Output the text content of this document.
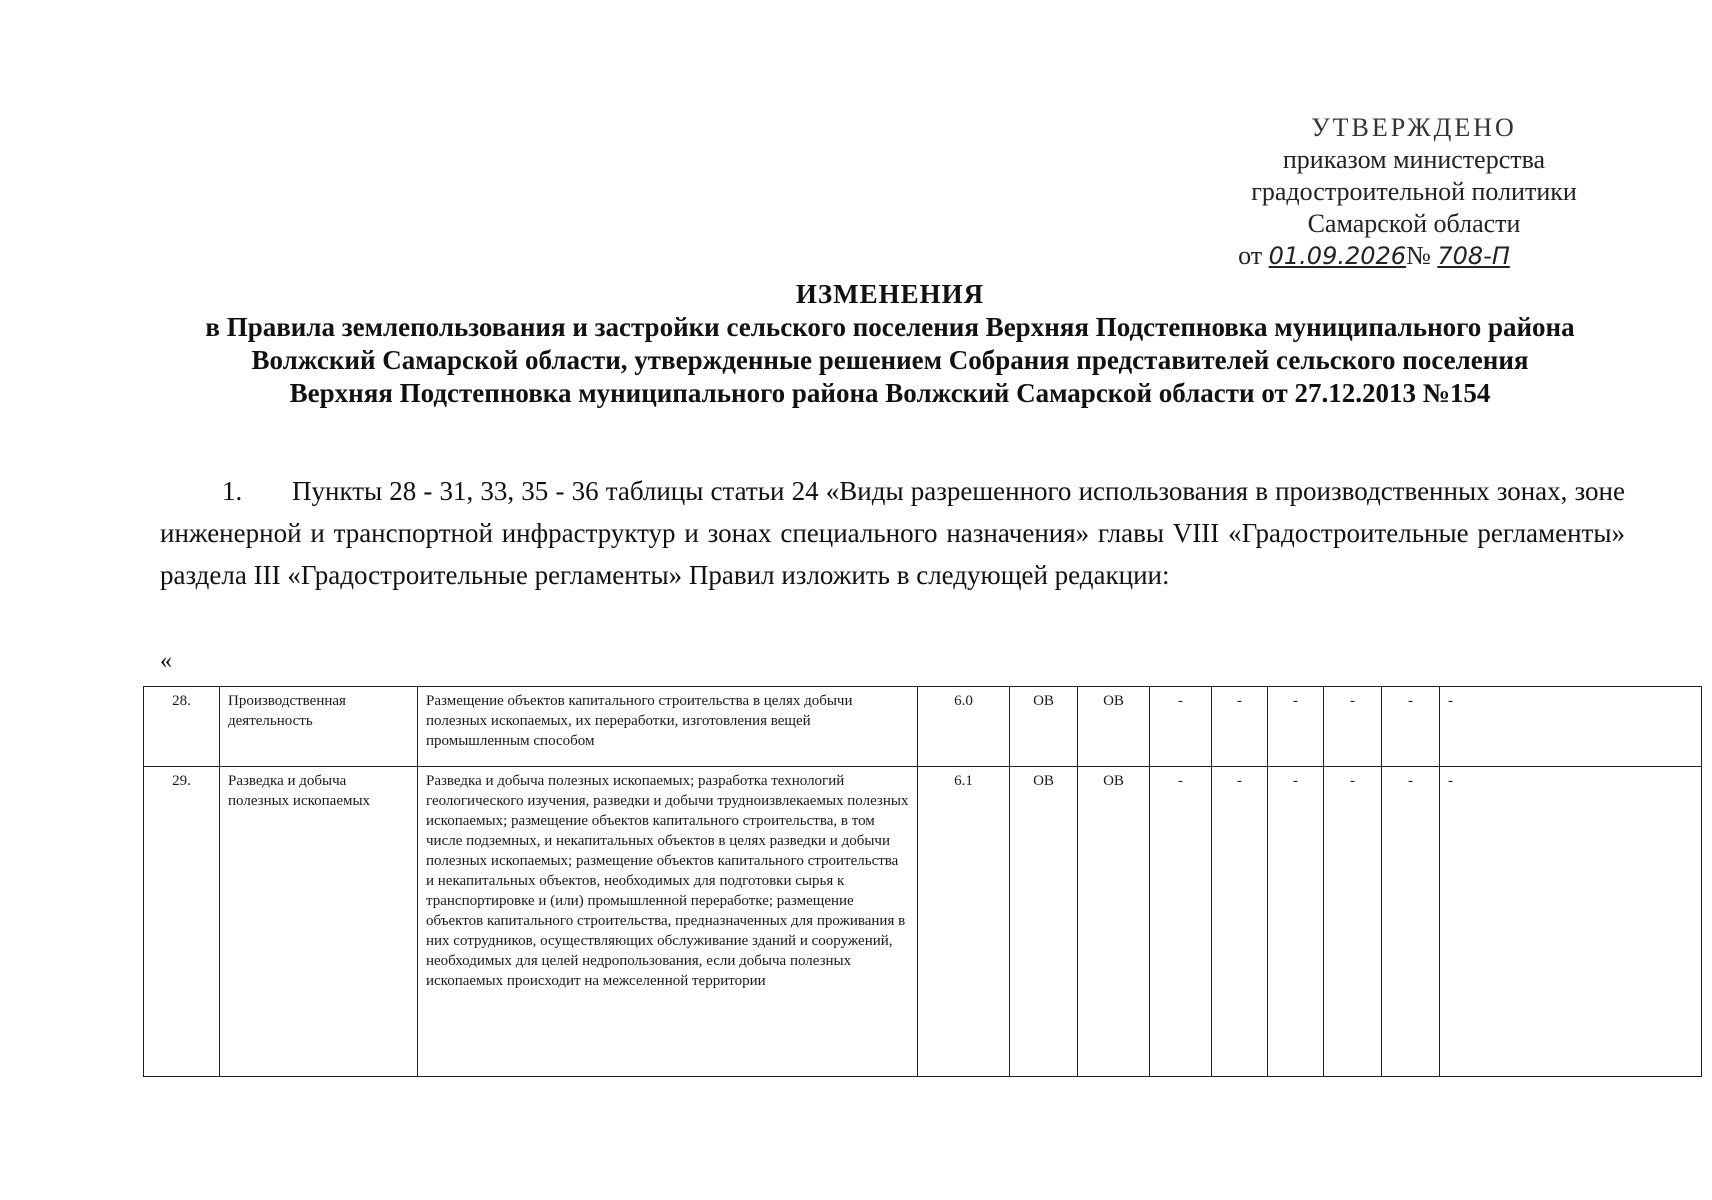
УТВЕРЖДЕНО
приказом министерства
градостроительной политики
Самарской области
от 01.09.2026№ 708-П
ИЗМЕНЕНИЯ
в Правила землепользования и застройки сельского поселения Верхняя Подстепновка муниципального района
Волжский Самарской области, утвержденные решением Собрания представителей сельского поселения
Верхняя Подстепновка муниципального района Волжский Самарской области от 27.12.2013 №154
1. Пункты 28 - 31, 33, 35 - 36 таблицы статьи 24 «Виды разрешенного использования в производственных зонах, зоне инженерной и транспортной инфраструктур и зонах специального назначения» главы VIII «Градостроительные регламенты» раздела III «Градостроительные регламенты» Правил изложить в следующей редакции:
«
28.	Производственная деятельность	Размещение объектов капитального строительства в целях добычи полезных ископаемых, их переработки, изготовления вещей промышленным способом	6.0	ОВ	ОВ	-	-	-	-	-	-
29.	Разведка и добыча полезных ископаемых	Разведка и добыча полезных ископаемых; разработка технологий геологического изучения, разведки и добычи трудноизвлекаемых полезных ископаемых; размещение объектов капитального строительства, в том числе подземных, и некапитальных объектов в целях разведки и добычи полезных ископаемых; размещение объектов капитального строительства и некапитальных объектов, необходимых для подготовки сырья к транспортировке и (или) промышленной переработке; размещение объектов капитального строительства, предназначенных для проживания в них сотрудников, осуществляющих обслуживание зданий и сооружений, необходимых для целей недропользования, если добыча полезных ископаемых происходит на межселенной территории	6.1	ОВ	ОВ	-	-	-	-	-	-
